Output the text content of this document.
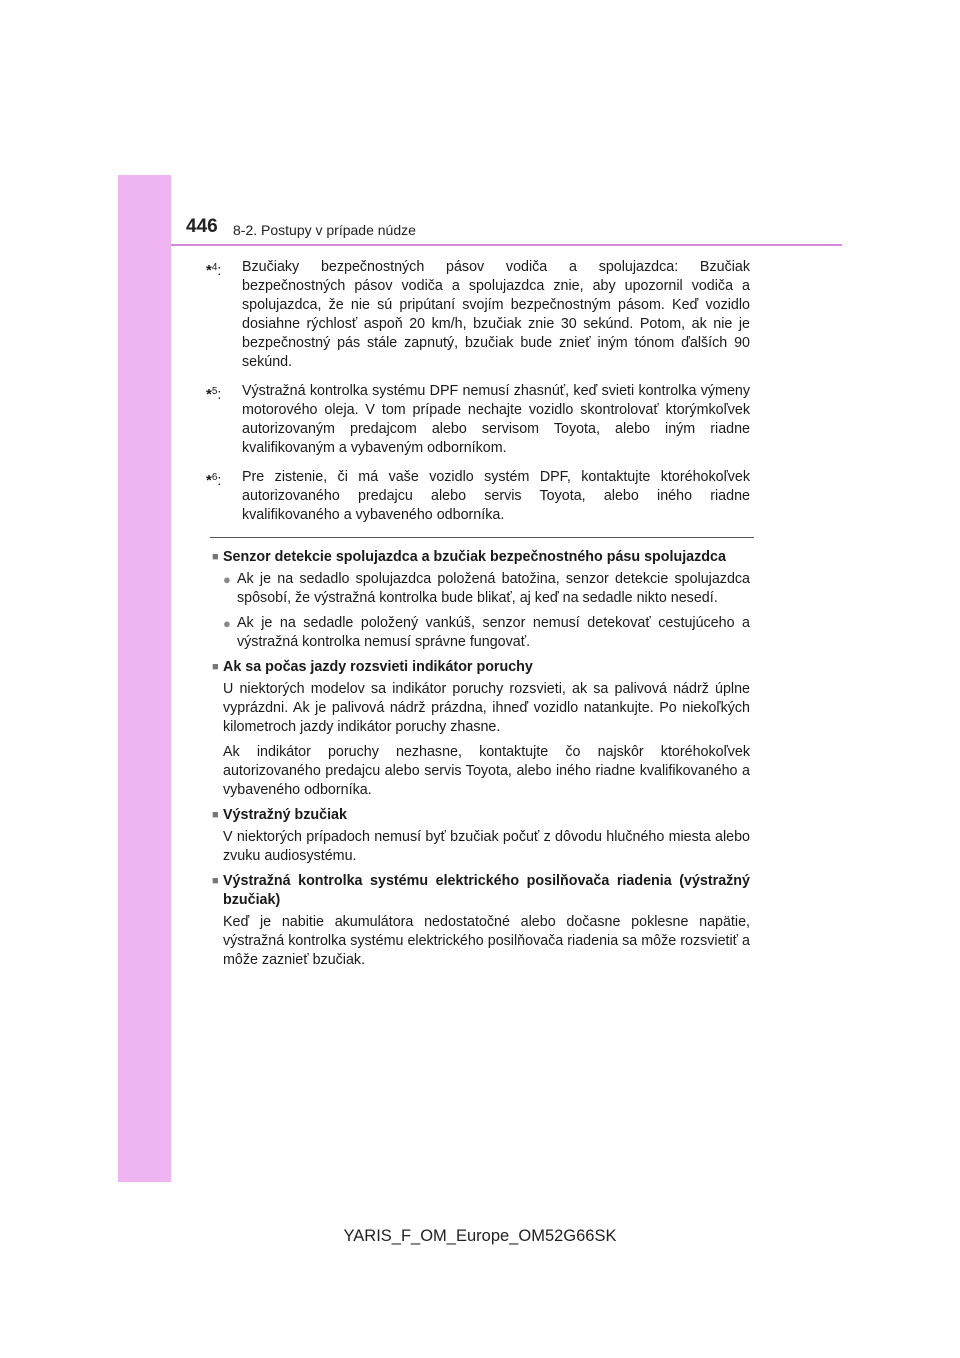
446 8-2. Postupy v prípade núdze
*$^4$:	Bzučiaky bezpečnostných pásov vodiča a spolujazdca: Bzučiak bezpečnostných pásov vodiča a spolujazdca znie, aby upozornil vodiča a spolujazdca, že nie sú pripútaní svojím bezpečnostným pásom. Keď vozidlo dosiahne rýchlosť aspoň 20 km/h, bzučiak znie 30 sekúnd. Potom, ak nie je bezpečnostný pás stále zapnutý, bzučiak bude znieť iným tónom ďalších 90 sekúnd.
*$^5$:	Výstražná kontrolka systému DPF nemusí zhasnúť, keď svieti kontrolka výmeny motorového oleja. V tom prípade nechajte vozidlo skontrolovať ktorýmkoľvek autorizovaným predajcom alebo servisom Toyota, alebo iným riadne kvalifikovaným a vybaveným odborníkom.
*$^6$:	Pre zistenie, či má vaše vozidlo systém DPF, kontaktujte ktoréhokoľvek autorizovaného predajcu alebo servis Toyota, alebo iného riadne kvalifikovaného a vybaveného odborníka.
■ Senzor detekcie spolujazdca a bzučiak bezpečnostného pásu spolujazdca
● Ak je na sedadlo spolujazdca položená batožina, senzor detekcie spolujazdca spôsobí, že výstražná kontrolka bude blikať, aj keď na sedadle nikto nesedí.
● Ak je na sedadle položený vankúš, senzor nemusí detekovať cestujúceho a výstražná kontrolka nemusí správne fungovať.
■ Ak sa počas jazdy rozsvieti indikátor poruchy
U niektorých modelov sa indikátor poruchy rozsvieti, ak sa palivová nádrž úplne vyprázdni. Ak je palivová nádrž prázdna, ihneď vozidlo natankujte. Po niekoľkých kilometroch jazdy indikátor poruchy zhasne.
Ak indikátor poruchy nezhasne, kontaktujte čo najskôr ktoréhokoľvek autorizovaného predajcu alebo servis Toyota, alebo iného riadne kvalifikovaného a vybaveného odborníka.
■ Výstražný bzučiak
V niektorých prípadoch nemusí byť bzučiak počuť z dôvodu hlučného miesta alebo zvuku audiosystému.
■ Výstražná kontrolka systému elektrického posilňovača riadenia (výstražný bzučiak)
Keď je nabitie akumulátora nedostatočné alebo dočasne poklesne napätie, výstražná kontrolka systému elektrického posilňovača riadenia sa môže rozsvietiť a môže zaznieť bzučiak.
YARIS_F_OM_Europe_OM52G66SK
